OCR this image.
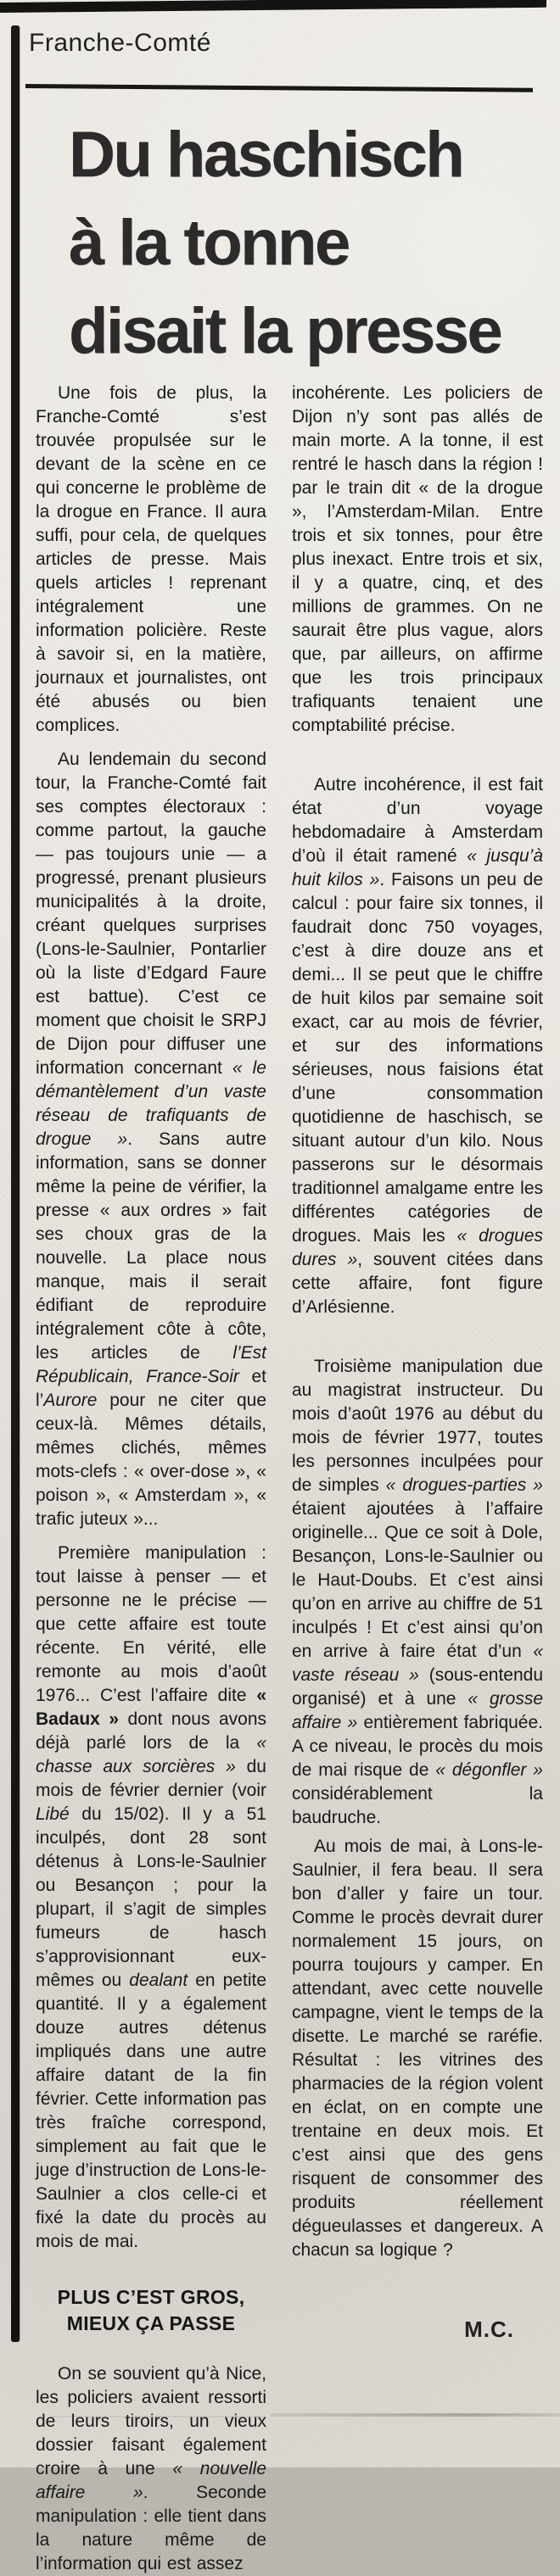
Franche-Comté
Du haschisch
à la tonne
disait la presse

Une fois de plus, la Franche-Comté s’est trouvée propulsée sur le devant de la scène en ce qui concerne le problème de la drogue en France. Il aura suffi, pour cela, de quelques articles de presse. Mais quels articles ! reprenant intégralement une information policière. Reste à savoir si, en la matière, journaux et journalistes, ont été abusés ou bien complices.

Au lendemain du second tour, la Franche-Comté fait ses comptes électoraux : comme partout, la gauche — pas toujours unie — a progressé, prenant plusieurs municipalités à la droite, créant quelques surprises (Lons-le-Saulnier, Pontarlier où la liste d’Edgard Faure est battue). C’est ce moment que choisit le SRPJ de Dijon pour diffuser une information concernant « le démantèlement d’un vaste réseau de trafiquants de drogue ». Sans autre information, sans se donner même la peine de vérifier, la presse « aux ordres » fait ses choux gras de la nouvelle. La place nous manque, mais il serait édifiant de reproduire intégralement côte à côte, les articles de l’Est Républicain, France-Soir et l’Aurore pour ne citer que ceux-là. Mêmes détails, mêmes clichés, mêmes mots-clefs : « over-dose », « poison », « Amsterdam », « trafic juteux »...

Première manipulation : tout laisse à penser — et personne ne le précise — que cette affaire est toute récente. En vérité, elle remonte au mois d’août 1976... C’est l’affaire dite « Badaux » dont nous avons déjà parlé lors de la « chasse aux sorcières » du mois de février dernier (voir Libé du 15/02). Il y a 51 inculpés, dont 28 sont détenus à Lons-le-Saulnier ou Besançon ; pour la plupart, il s’agit de simples fumeurs de hasch s’approvisionnant eux-mêmes ou dealant en petite quantité. Il y a également douze autres détenus impliqués dans une autre affaire datant de la fin février. Cette information pas très fraîche correspond, simplement au fait que le juge d’instruction de Lons-le-Saulnier a clos celle-ci et fixé la date du procès au mois de mai.

PLUS C’EST GROS,
MIEUX ÇA PASSE

On se souvient qu’à Nice, les policiers avaient ressorti de leurs tiroirs, un vieux dossier faisant également croire à une « nouvelle affaire ». Seconde manipulation : elle tient dans la nature même de l’information qui est assez

incohérente. Les policiers de Dijon n’y sont pas allés de main morte. A la tonne, il est rentré le hasch dans la région ! par le train dit « de la drogue », l’Amsterdam-Milan. Entre trois et six tonnes, pour être plus inexact. Entre trois et six, il y a quatre, cinq, et des millions de grammes. On ne saurait être plus vague, alors que, par ailleurs, on affirme que les trois principaux trafiquants tenaient une comptabilité précise.

Autre incohérence, il est fait état d’un voyage hebdomadaire à Amsterdam d’où il était ramené « jusqu’à huit kilos ». Faisons un peu de calcul : pour faire six tonnes, il faudrait donc 750 voyages, c’est à dire douze ans et demi... Il se peut que le chiffre de huit kilos par semaine soit exact, car au mois de février, et sur des informations sérieuses, nous faisions état d’une consommation quotidienne de haschisch, se situant autour d’un kilo. Nous passerons sur le désormais traditionnel amalgame entre les différentes catégories de drogues. Mais les « drogues dures », souvent citées dans cette affaire, font figure d’Arlésienne.

Troisième manipulation due au magistrat instructeur. Du mois d’août 1976 au début du mois de février 1977, toutes les personnes inculpées pour de simples « drogues-parties » étaient ajoutées à l’affaire originelle... Que ce soit à Dole, Besançon, Lons-le-Saulnier ou le Haut-Doubs. Et c’est ainsi qu’on en arrive au chiffre de 51 inculpés ! Et c’est ainsi qu’on en arrive à faire état d’un « vaste réseau » (sous-entendu organisé) et à une « grosse affaire » entièrement fabriquée. A ce niveau, le procès du mois de mai risque de « dégonfler » considérablement la baudruche.

Au mois de mai, à Lons-le-Saulnier, il fera beau. Il sera bon d’aller y faire un tour. Comme le procès devrait durer normalement 15 jours, on pourra toujours y camper. En attendant, avec cette nouvelle campagne, vient le temps de la disette. Le marché se raréfie. Résultat : les vitrines des pharmacies de la région volent en éclat, on en compte une trentaine en deux mois. Et c’est ainsi que des gens risquent de consommer des produits réellement dégueulasses et dangereux. A chacun sa logique ?

M.C.
